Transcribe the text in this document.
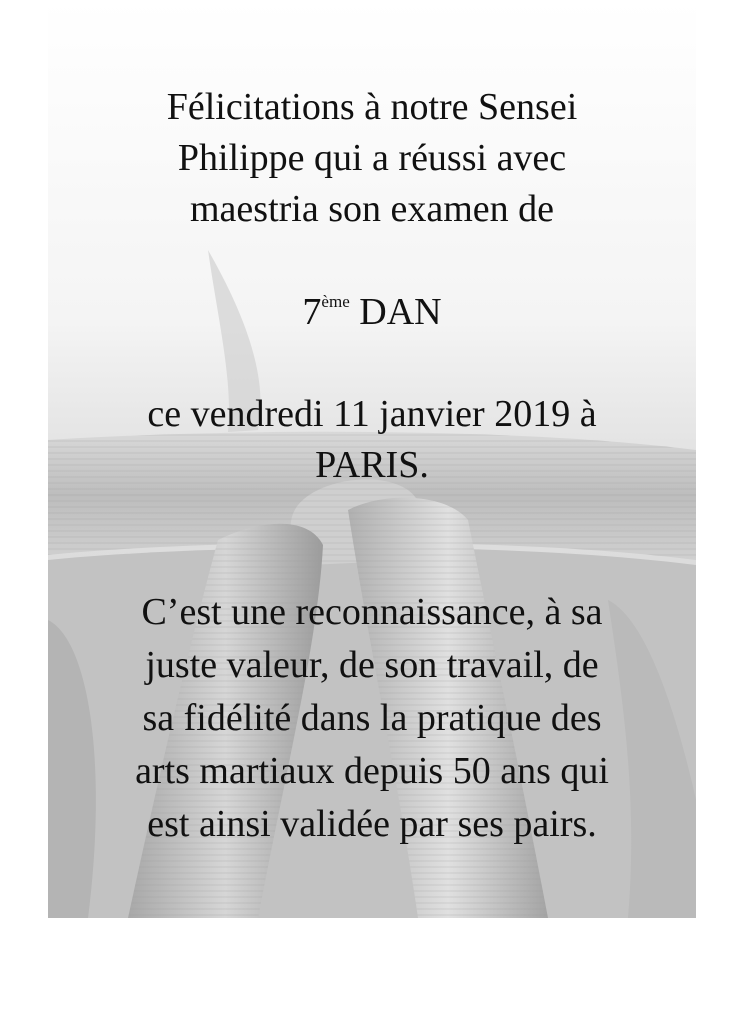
Félicitations à notre Sensei
Philippe qui a réussi avec
maestria son examen de
7ème DAN
ce vendredi 11 janvier 2019 à
PARIS.
C’est une reconnaissance, à sa
juste valeur, de son travail, de
sa fidélité dans la pratique des
arts martiaux depuis 50 ans qui
est ainsi validée par ses pairs.
